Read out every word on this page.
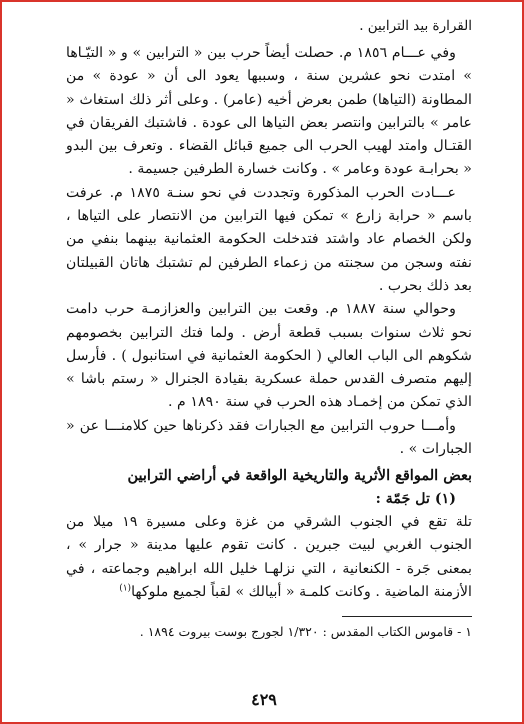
القرارة بيد الترابين .

وفي عـــام ١٨٥٦ م. حصلت أيضاً حرب بين « الترابين » و « التيّـاها » امتدت نحو عشرين سنة ، وسببها يعود الى أن « عودة » من المطاونة (التياها) طمن بعرض أخيه (عامر) . وعلى أثر ذلك استغاث « عامر » بالترابين وانتصر بعض التياها الى عودة . فاشتبك الفريقان في القتـال وامتد لهيب الحرب الى جميع قبائل القضاء . وتعرف بين البدو « بحرابـة عودة وعامر » . وكانت خسارة الطرفين جسيمة .

عـــادت الحرب المذكورة وتجددت في نحو سنـة ١٨٧٥ م. عرفت باسم « حرابة زارع » تمكن فيها الترابين من الانتصار على التياها ، ولكن الخصام عاد واشتد فتدخلت الحكومة العثمانية بينهما بنفي من نفته وسجن من سجنته من زعماء الطرفين لم تشتبك هاتان القبيلتان بعد ذلك بحرب .

وحوالي سنة ١٨٨٧ م. وقعت بين الترابين والعزازمـة حرب دامت نحو ثلاث سنوات بسبب قطعة أرض . ولما فتك الترابين بخصومهم شكوهم الى الباب العالي ( الحكومة العثمانية في استانبول ) . فأرسل إليهم متصرف القدس حملة عسكرية بقيادة الجنرال « رستم باشا » الذي تمكن من إخمـاد هذه الحرب في سنة ١٨٩٠ م .

وأمـــا حروب الترابين مع الجبارات فقد ذكرناها حين كلامنـــا عن « الجبارات » .

بعض المواقع الأثرية والتاريخية الواقعة في أراضي الترابين
(١) تل جَمّة :

تلة تقع في الجنوب الشرقي من غزة وعلى مسيرة ١٩ ميلا من الجنوب الغربي لبيت جبرين . كانت تقوم عليها مدينة « جرار » ، بمعنى جَرة - الكنعانية ، التي نزلهـا خليل الله ابراهيم وجماعته ، في الأزمنة الماضية . وكانت كلمـة « أبيالك » لقباً لجميع ملوكها$^{(١)}$

١ - قاموس الكتاب المقدس : ١/٣٢٠ لجورج بوست بيروت ١٨٩٤ .
٤٢٩
